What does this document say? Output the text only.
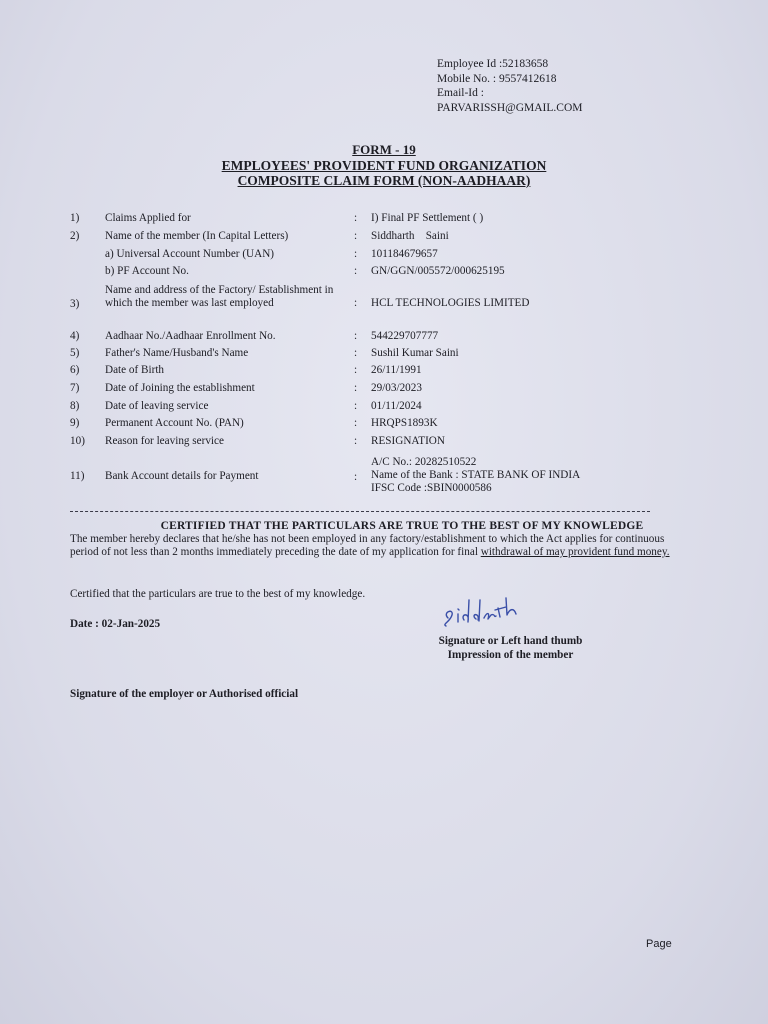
Employee Id :52183658
Mobile No. : 9557412618
Email-Id :
PARVARISSH@GMAIL.COM
FORM - 19
EMPLOYEES' PROVIDENT FUND ORGANIZATION
COMPOSITE CLAIM FORM (NON-AADHAAR)
1) Claims Applied for	: I) Final PF Settlement ( )
2) Name of the member (In Capital Letters)	: Siddharth    Saini
a) Universal Account Number (UAN)	: 101184679657
b) PF Account No.	: GN/GGN/005572/000625195
3)
Name and address of the Factory/ Establishment in which the member was last employed	: HCL TECHNOLOGIES LIMITED
4) Aadhaar No./Aadhaar Enrollment No.	: 544229707777
5) Father's Name/Husband's Name	: Sushil Kumar Saini
6) Date of Birth	: 26/11/1991
7) Date of Joining the establishment	: 29/03/2023
8) Date of leaving service	: 01/11/2024
9) Permanent Account No. (PAN)	: HRQPS1893K
10) Reason for leaving service	: RESIGNATION
11) Bank Account details for Payment	:
A/C No.: 20282510522
Name of the Bank : STATE BANK OF INDIA
IFSC Code :SBIN0000586
CERTIFIED THAT THE PARTICULARS ARE TRUE TO THE BEST OF MY KNOWLEDGE
The member hereby declares that he/she has not been employed in any factory/establishment to which the Act applies for continuous period of not less than 2 months immediately preceding the date of my application for final withdrawal of may provident fund money.
Certified that the particulars are true to the best of my knowledge.
Date : 02-Jan-2025
Signature or Left hand thumb
Impression of the member
Signature of the employer or Authorised official
Page
